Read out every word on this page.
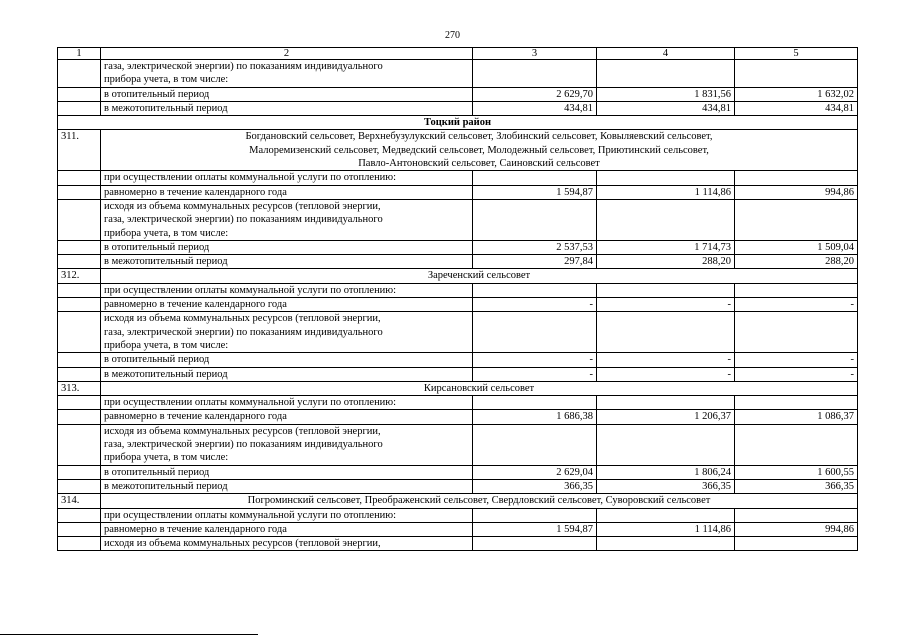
270
1	2	3	4	5

	газа, электрической энергии) по показаниям индивидуального
прибора учета, в том числе:			

	в отопительный период	2 629,70	1 831,56	1 632,02
	в межотопительный период	434,81	434,81	434,81
Тоцкий район				
311.	Богдановский сельсовет, Верхнебузулукский сельсовет, Злобинский сельсовет, Ковыляевский сельсовет,
Малоремизенский сельсовет, Медведский сельсовет, Молодежный сельсовет, Приютинский сельсовет,
Павло-Антоновский сельсовет, Саиновский сельсовет			

	при осуществлении оплаты коммунальной услуги по отоплению:			
	равномерно в течение календарного года	1 594,87	1 114,86	994,86

	исходя из объема коммунальных ресурсов (тепловой энергии,
газа, электрической энергии) по показаниям индивидуального
прибора учета, в том числе:			

	в отопительный период	2 537,53	1 714,73	1 509,04
	в межотопительный период	297,84	288,20	288,20
312.	Зареченский сельсовет			
	при осуществлении оплаты коммунальной услуги по отоплению:			
	равномерно в течение календарного года	-	-	-

	исходя из объема коммунальных ресурсов (тепловой энергии,
газа, электрической энергии) по показаниям индивидуального
прибора учета, в том числе:			

	в отопительный период	-	-	-
	в межотопительный период	-	-	-
313.	Кирсановский сельсовет			
	при осуществлении оплаты коммунальной услуги по отоплению:			
	равномерно в течение календарного года	1 686,38	1 206,37	1 086,37

	исходя из объема коммунальных ресурсов (тепловой энергии,
газа, электрической энергии) по показаниям индивидуального
прибора учета, в том числе:			

	в отопительный период	2 629,04	1 806,24	1 600,55
	в межотопительный период	366,35	366,35	366,35
314.	Погроминский сельсовет, Преображенский сельсовет, Свердловский сельсовет, Суворовский сельсовет			
	при осуществлении оплаты коммунальной услуги по отоплению:			
	равномерно в течение календарного года	1 594,87	1 114,86	994,86
	исходя из объема коммунальных ресурсов (тепловой энергии,			
